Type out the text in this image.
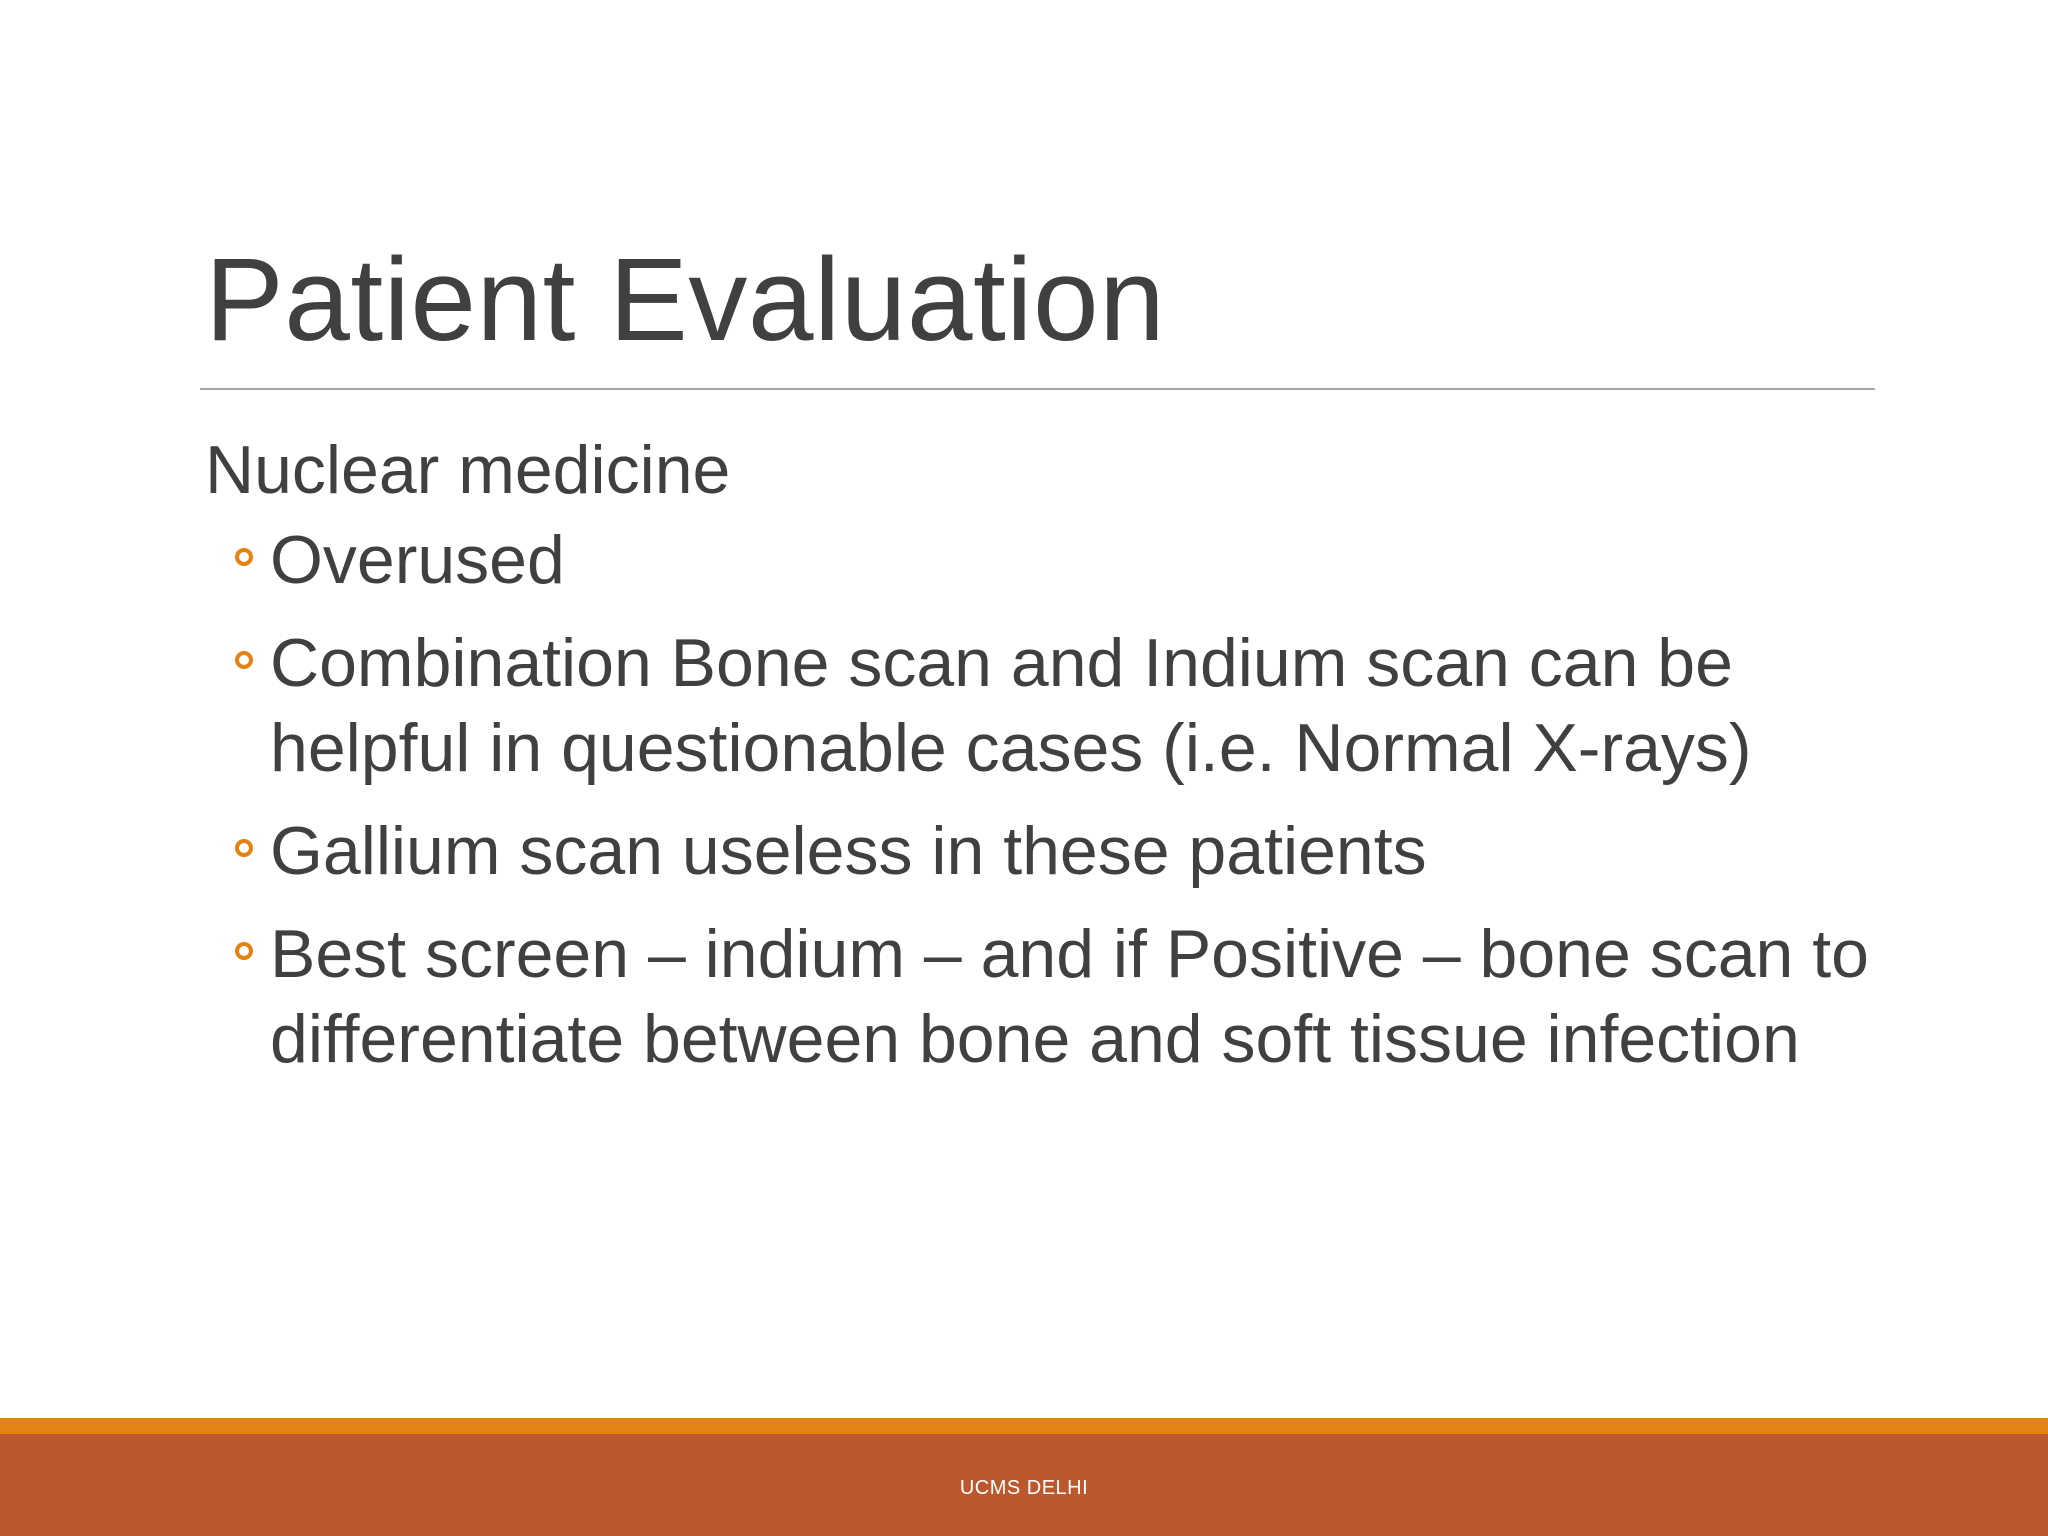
Patient Evaluation

Nuclear medicine

Overused
Combination Bone scan and Indium scan can be helpful in questionable cases (i.e. Normal X-rays)
Gallium scan useless in these patients
Best screen – indium – and if Positive – bone scan to differentiate between bone and soft tissue infection
UCMS DELHI
